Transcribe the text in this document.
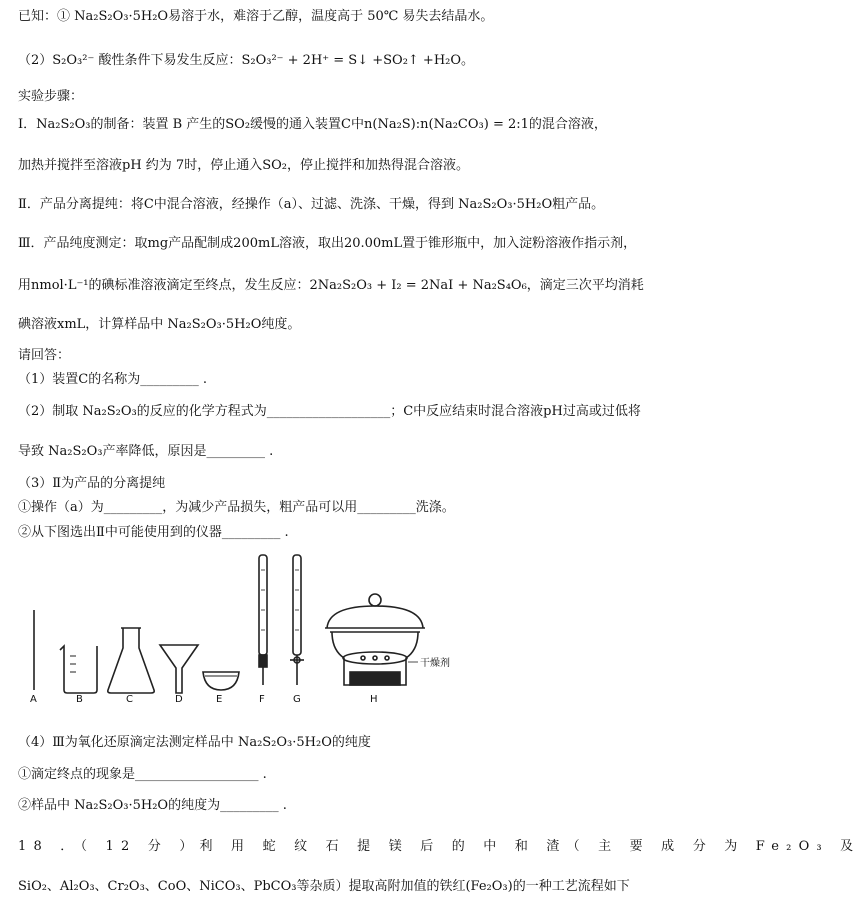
已知：① Na₂S₂O₃·5H₂O易溶于水，难溶于乙醇，温度高于 50℃ 易失去结晶水。
（2）S₂O₃²⁻ 酸性条件下易发生反应：S₂O₃²⁻ + 2H⁺ = S↓ +SO₂↑ +H₂O。
实验步骤：
Ⅰ．Na₂S₂O₃的制备：装置 B 产生的SO₂缓慢的通入装置C中n(Na₂S):n(Na₂CO₃) = 2:1的混合溶液，
加热并搅拌至溶液pH 约为 7时，停止通入SO₂，停止搅拌和加热得混合溶液。
Ⅱ．产品分离提纯：将C中混合溶液，经操作（a）、过滤、洗涤、干燥，得到 Na₂S₂O₃·5H₂O粗产品。
Ⅲ．产品纯度测定：取mg产品配制成200mL溶液，取出20.00mL置于锥形瓶中，加入淀粉溶液作指示剂，
用nmol·L⁻¹的碘标准溶液滴定至终点，发生反应：2Na₂S₂O₃ + I₂ = 2NaI + Na₂S₄O₆，滴定三次平均消耗
碘溶液xmL，计算样品中 Na₂S₂O₃·5H₂O纯度。
请回答：
（1）装置C的名称为_________ .
（2）制取 Na₂S₂O₃的反应的化学方程式为___________________；C中反应结束时混合溶液pH过高或过低将
导致 Na₂S₂O₃产率降低，原因是_________ .
（3）Ⅱ为产品的分离提纯
①操作（a）为_________，为减少产品损失，粗产品可以用_________洗涤。
②从下图选出Ⅱ中可能使用到的仪器_________ .
干燥剂
A	B	C	D	E	F	G	H
（4）Ⅲ为氧化还原滴定法测定样品中 Na₂S₂O₃·5H₂O的纯度
①滴定终点的现象是___________________ .
②样品中 Na₂S₂O₃·5H₂O的纯度为_________ .
18 ．（ 12 分 ）利 用 蛇 纹 石 提 镁 后 的 中 和 渣（ 主 要 成 分 为 Fe₂O₃ 及
SiO₂、Al₂O₃、Cr₂O₃、CoO、NiCO₃、PbCO₃等杂质）提取高附加值的铁红(Fe₂O₃)的一种工艺流程如下
